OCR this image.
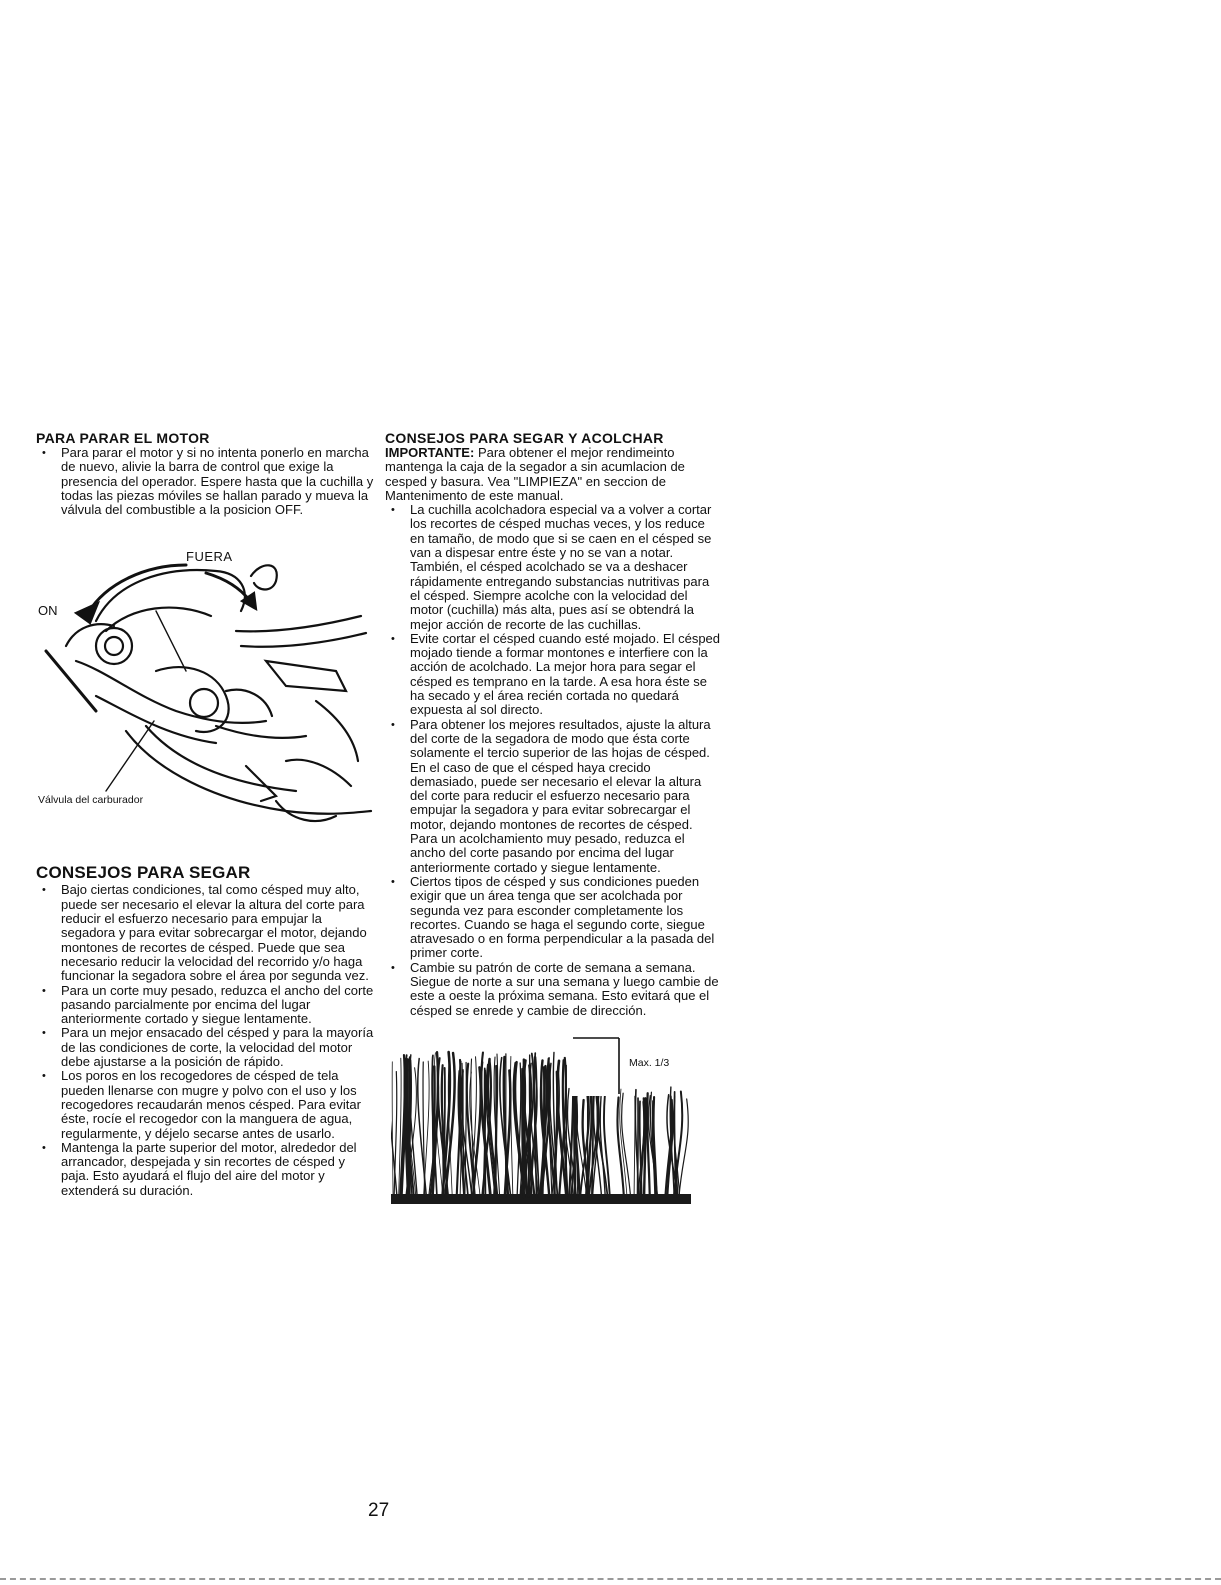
PARA PARAR EL MOTOR
• Para parar el motor y si no intenta ponerlo en marcha de nuevo, alivie la barra de control que exige la presencia del operador. Espere hasta que la cuchilla y todas las piezas móviles se hallan parado y mueva la válvula del combustible a la posicion OFF.
FUERA
ON
Válvula del carburador
CONSEJOS PARA SEGAR
• Bajo ciertas condiciones, tal como césped muy alto, puede ser necesario el elevar la altura del corte para reducir el esfuerzo necesario para empujar la segadora y para evitar sobrecargar el motor, dejando montones de recortes de césped. Puede que sea necesario reducir la velocidad del recorrido y/o haga funcionar la segadora sobre el área por segunda vez.
• Para un corte muy pesado, reduzca el ancho del corte pasando parcialmente por encima del lugar anteriormente cortado y siegue lentamente.
• Para un mejor ensacado del césped y para la mayoría de las condiciones de corte, la velocidad del motor debe ajustarse a la posición de rápido.
• Los poros en los recogedores de césped de tela pueden llenarse con mugre y polvo con el uso y los recogedores recaudarán menos césped. Para evitar éste, rocíe el recogedor con la manguera de agua, regularmente, y déjelo secarse antes de usarlo.
• Mantenga la parte superior del motor, alrededor del arrancador, despejada y sin recortes de césped y paja. Esto ayudará el flujo del aire del motor y extenderá su duración.
CONSEJOS PARA SEGAR Y ACOLCHAR

IMPORTANTE: Para obtener el mejor rendimeinto mantenga la caja de la segador a sin acumlacion de cesped y basura. Vea "LIMPIEZA" en seccion de Mantenimento de este manual.

• La cuchilla acolchadora especial va a volver a cortar los recortes de césped muchas veces, y los reduce en tamaño, de modo que si se caen en el césped se van a dispesar entre éste y no se van a notar. También, el césped acolchado se va a deshacer rápidamente entregando substancias nutritivas para el césped. Siempre acolche con la velocidad del motor (cuchilla) más alta, pues así se obtendrá la mejor acción de recorte de las cuchillas.
• Evite cortar el césped cuando esté mojado. El césped mojado tiende a formar montones e interfiere con la acción de acolchado. La mejor hora para segar el césped es temprano en la tarde. A esa hora éste se ha secado y el área recién cortada no quedará expuesta al sol directo.
• Para obtener los mejores resultados, ajuste la altura del corte de la segadora de modo que ésta corte solamente el tercio superior de las hojas de césped. En el caso de que el césped haya crecido demasiado, puede ser necesario el elevar la altura del corte para reducir el esfuerzo necesario para empujar la segadora y para evitar sobrecargar el motor, dejando montones de recortes de césped. Para un acolchamiento muy pesado, reduzca el ancho del corte pasando por encima del lugar anteriormente cortado y siegue lentamente.
• Ciertos tipos de césped y sus condiciones pueden exigir que un área tenga que ser acolchada por segunda vez para esconder completamente los recortes. Cuando se haga el segundo corte, siegue atravesado o en forma perpendicular a la pasada del primer corte.
• Cambie su patrón de corte de semana a semana. Siegue de norte a sur una semana y luego cambie de este a oeste la próxima semana. Esto evitará que el césped se enrede y cambie de dirección.
Max. 1/3
27
